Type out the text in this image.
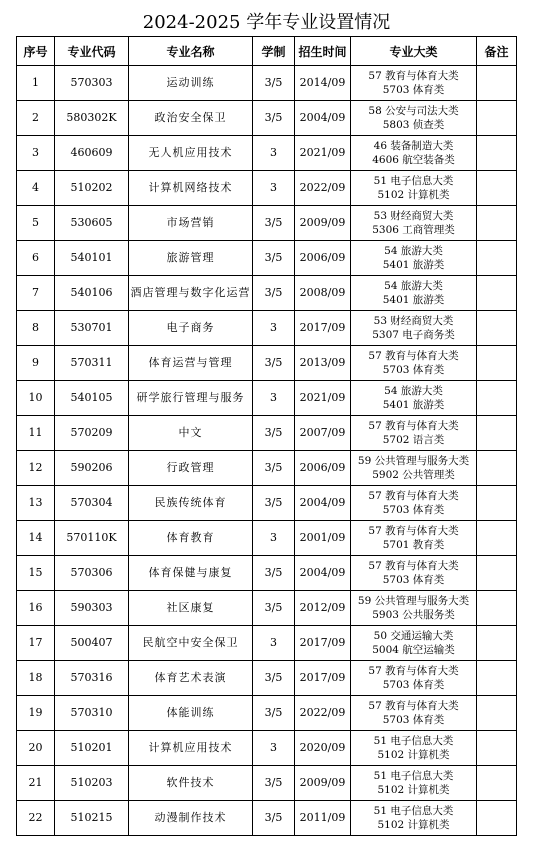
2024-2025 学年专业设置情况
序号	专业代码	专业名称	学制	招生时间	专业大类	备注
1	570303	运动训练	3/5	2014/09	57 教育与体育大类
5703 体育类	

2	580302K	政治安全保卫	3/5	2004/09	58 公安与司法大类
5803 侦查类	

3	460609	无人机应用技术	3	2021/09	46 装备制造大类
4606 航空装备类	

4	510202	计算机网络技术	3	2022/09	51 电子信息大类
5102 计算机类	

5	530605	市场营销	3/5	2009/09	53 财经商贸大类
5306 工商管理类	

6	540101	旅游管理	3/5	2006/09	54 旅游大类
5401 旅游类	

7	540106	酒店管理与数字化运营	3/5	2008/09	54 旅游大类
5401 旅游类	

8	530701	电子商务	3	2017/09	53 财经商贸大类
5307 电子商务类	

9	570311	体育运营与管理	3/5	2013/09	57 教育与体育大类
5703 体育类	

10	540105	研学旅行管理与服务	3	2021/09	54 旅游大类
5401 旅游类	

11	570209	中文	3/5	2007/09	57 教育与体育大类
5702 语言类	

12	590206	行政管理	3/5	2006/09	59 公共管理与服务大类
5902 公共管理类	

13	570304	民族传统体育	3/5	2004/09	57 教育与体育大类
5703 体育类	

14	570110K	体育教育	3	2001/09	57 教育与体育大类
5701 教育类	

15	570306	体育保健与康复	3/5	2004/09	57 教育与体育大类
5703 体育类	

16	590303	社区康复	3/5	2012/09	59 公共管理与服务大类
5903 公共服务类	

17	500407	民航空中安全保卫	3	2017/09	50 交通运输大类
5004 航空运输类	

18	570316	体育艺术表演	3/5	2017/09	57 教育与体育大类
5703 体育类	

19	570310	体能训练	3/5	2022/09	57 教育与体育大类
5703 体育类	

20	510201	计算机应用技术	3	2020/09	51 电子信息大类
5102 计算机类	

21	510203	软件技术	3/5	2009/09	51 电子信息大类
5102 计算机类	

22	510215	动漫制作技术	3/5	2011/09	51 电子信息大类
5102 计算机类	
